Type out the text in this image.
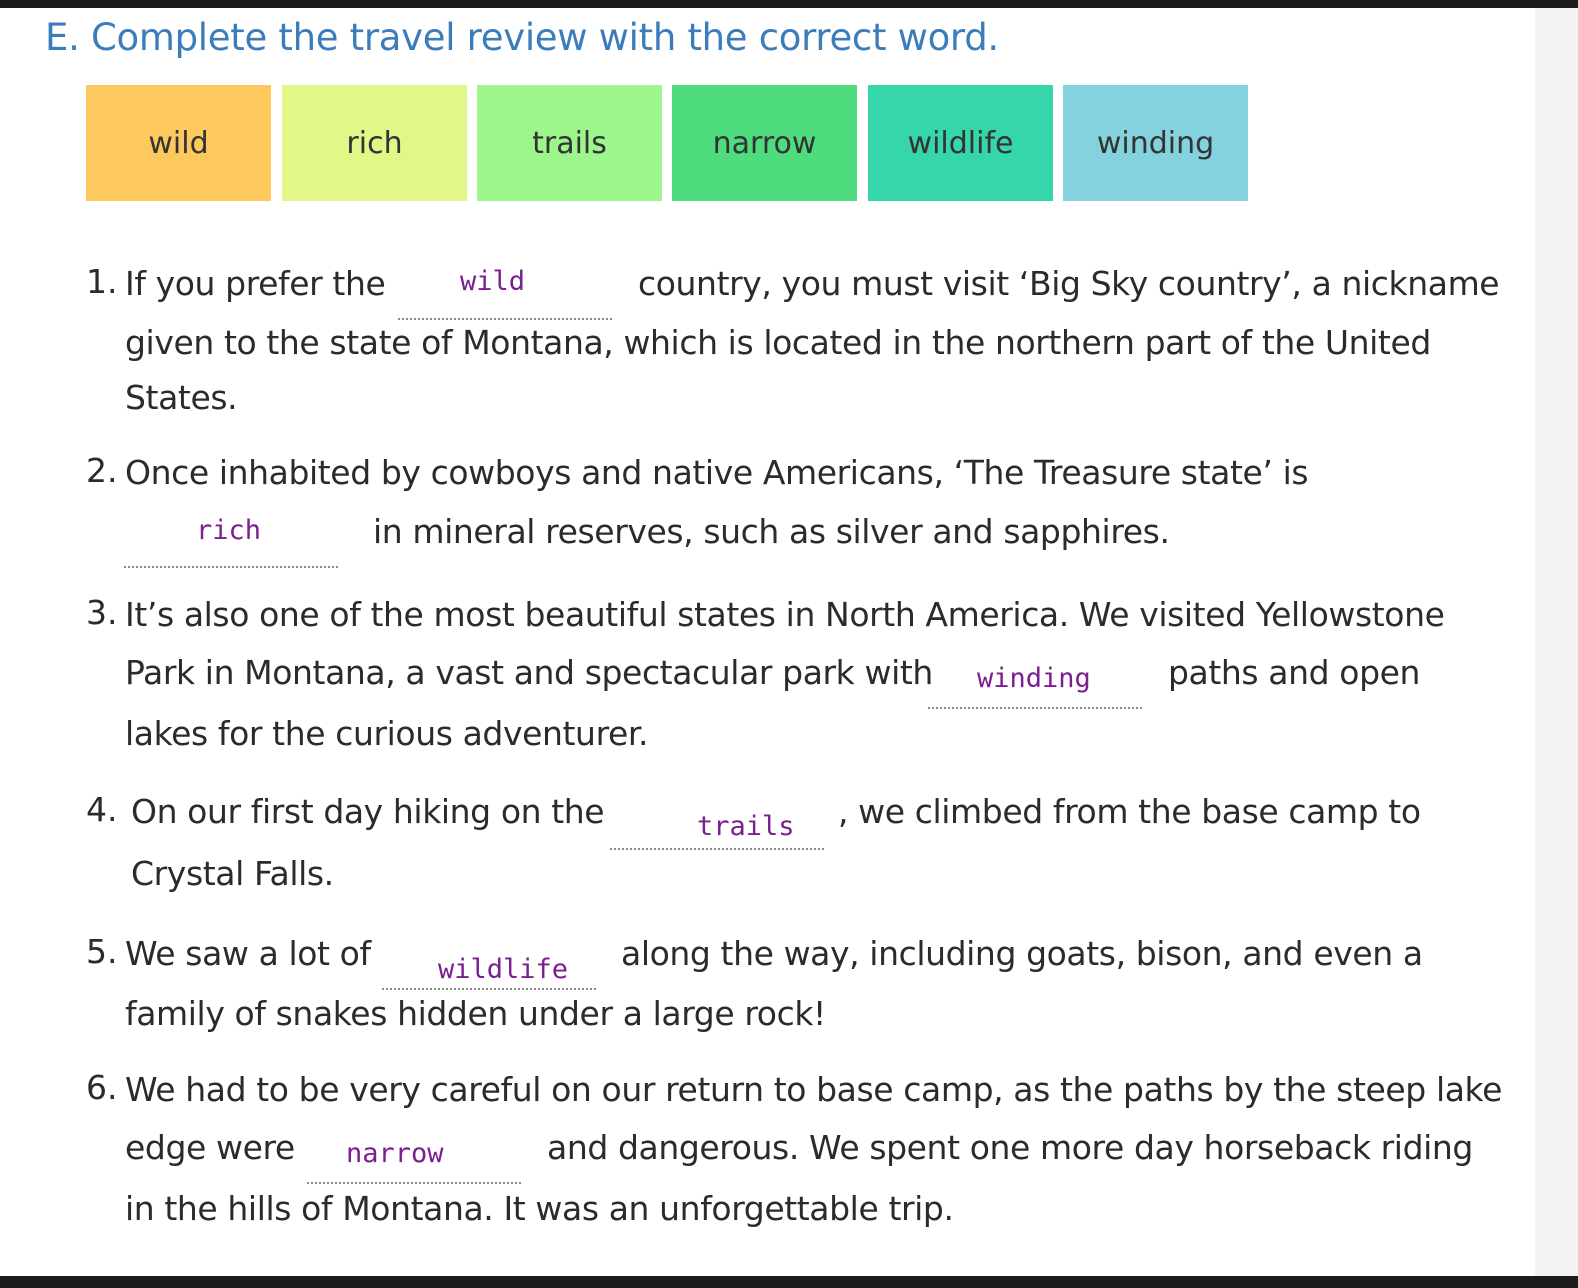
E. Complete the travel review with the correct word.
wild	rich	trails	narrow	wildlife	winding
1. If you prefer the	wild	country, you must visit ‘Big Sky country’, a nickname
given to the state of Montana, which is located in the northern part of the United
States.
2. Once inhabited by cowboys and native Americans, ‘The Treasure state’ is
rich	in mineral reserves, such as silver and sapphires.
3. It’s also one of the most beautiful states in North America. We visited Yellowstone
Park in Montana, a vast and spectacular park with winding paths and open
lakes for the curious adventurer.
4. On our first day hiking on the	trails , we climbed from the base camp to
Crystal Falls.
5. We saw a lot of wildlife along the way, including goats, bison, and even a
family of snakes hidden under a large rock!
6. We had to be very careful on our return to base camp, as the paths by the steep lake
edge were narrow	and dangerous. We spent one more day horseback riding
in the hills of Montana. It was an unforgettable trip.
